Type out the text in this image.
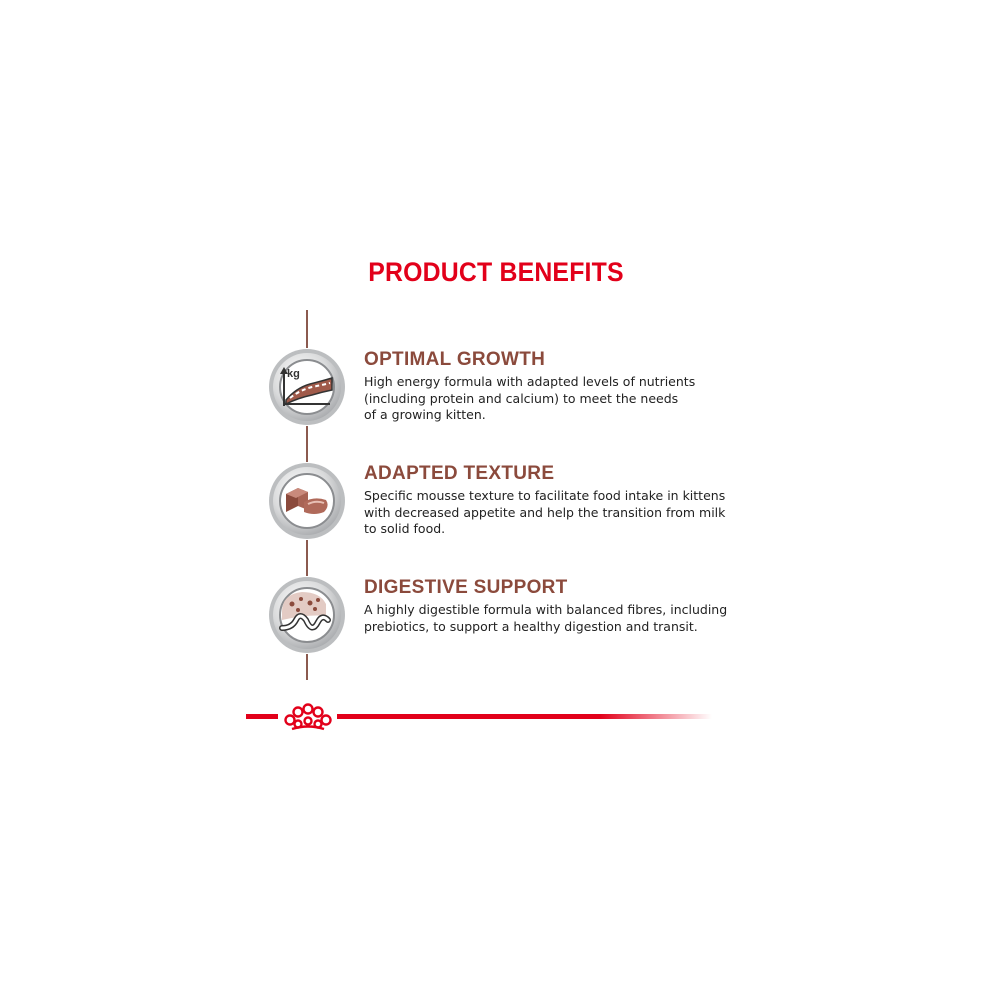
PRODUCT BENEFITS
kg

OPTIMAL GROWTH

High energy formula with adapted levels of nutrients
(including protein and calcium) to meet the needs
of a growing kitten.

ADAPTED TEXTURE

Specific mousse texture to facilitate food intake in kittens
with decreased appetite and help the transition from milk
to solid food.

DIGESTIVE SUPPORT

A highly digestible formula with balanced fibres, including
prebiotics, to support a healthy digestion and transit.
